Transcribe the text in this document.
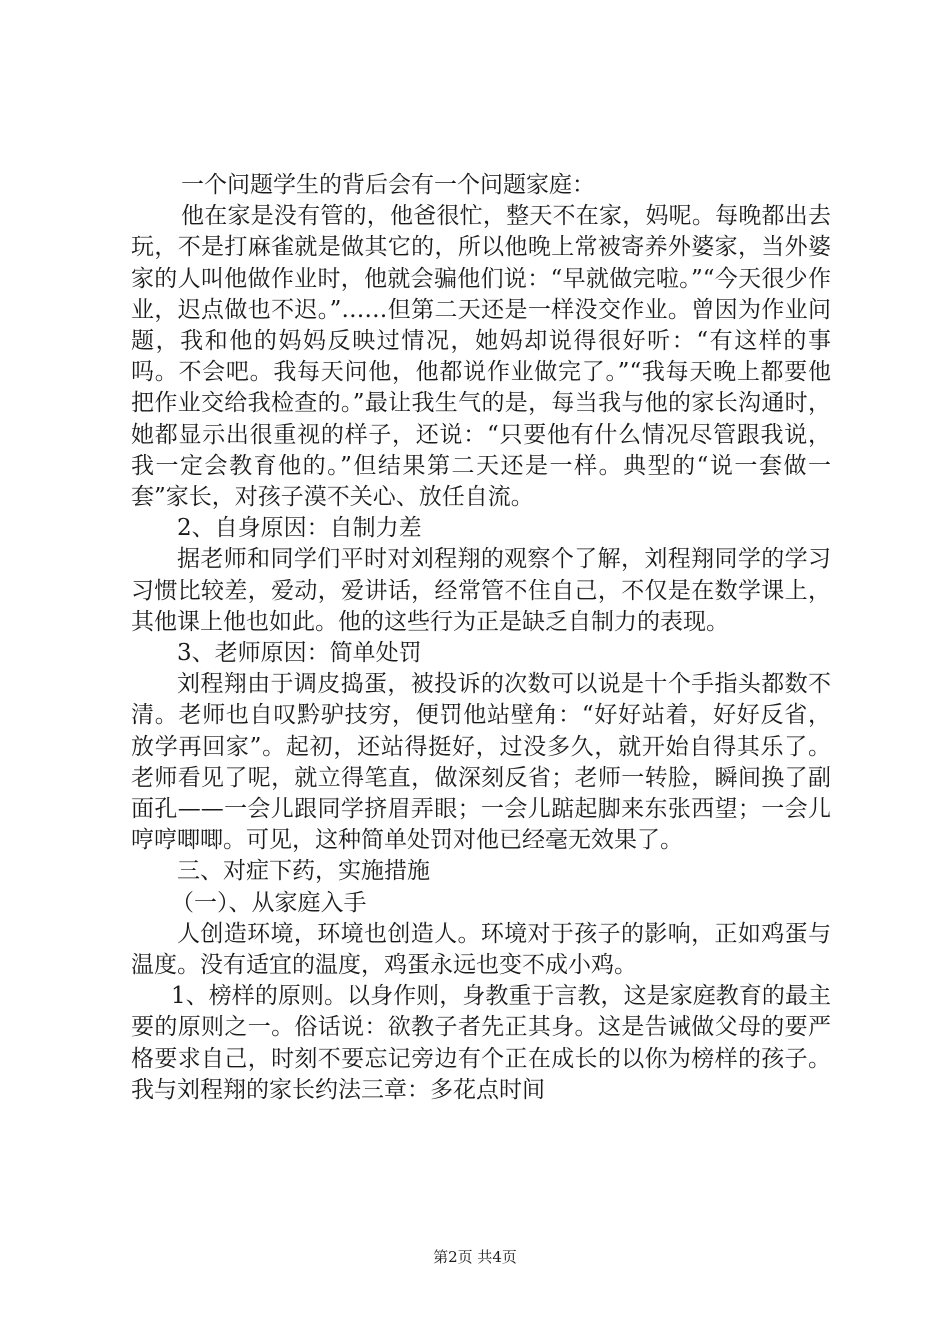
一个问题学生的背后会有一个问题家庭：

他在家是没有管的，他爸很忙，整天不在家，妈呢。每晚都出去玩，不是打麻雀就是做其它的，所以他晚上常被寄养外婆家，当外婆家的人叫他做作业时，他就会骗他们说：“早就做完啦。”“今天很少作业，迟点做也不迟。”……但第二天还是一样没交作业。曾因为作业问题，我和他的妈妈反映过情况，她妈却说得很好听：“有这样的事吗。不会吧。我每天问他，他都说作业做完了。”“我每天晚上都要他把作业交给我检查的。”最让我生气的是，每当我与他的家长沟通时，她都显示出很重视的样子，还说：“只要他有什么情况尽管跟我说，我一定会教育他的。”但结果第二天还是一样。典型的“说一套做一套”家长，对孩子漠不关心、放任自流。

2、自身原因：自制力差

据老师和同学们平时对刘程翔的观察个了解，刘程翔同学的学习习惯比较差，爱动，爱讲话，经常管不住自己，不仅是在数学课上，其他课上他也如此。他的这些行为正是缺乏自制力的表现。

3、老师原因：简单处罚

刘程翔由于调皮捣蛋，被投诉的次数可以说是十个手指头都数不清。老师也自叹黔驴技穷，便罚他站壁角：“好好站着，好好反省，放学再回家”。起初，还站得挺好，过没多久，就开始自得其乐了。老师看见了呢，就立得笔直，做深刻反省；老师一转脸，瞬间换了副面孔——一会儿跟同学挤眉弄眼；一会儿踮起脚来东张西望；一会儿哼哼唧唧。可见，这种简单处罚对他已经毫无效果了。

三、对症下药，实施措施

（一）、从家庭入手

人创造环境，环境也创造人。环境对于孩子的影响，正如鸡蛋与温度。没有适宜的温度，鸡蛋永远也变不成小鸡。

1、榜样的原则。以身作则，身教重于言教，这是家庭教育的最主要的原则之一。俗话说：欲教子者先正其身。这是告诫做父母的要严格要求自己，时刻不要忘记旁边有个正在成长的以你为榜样的孩子。我与刘程翔的家长约法三章：多花点时间

第2页 共4页
